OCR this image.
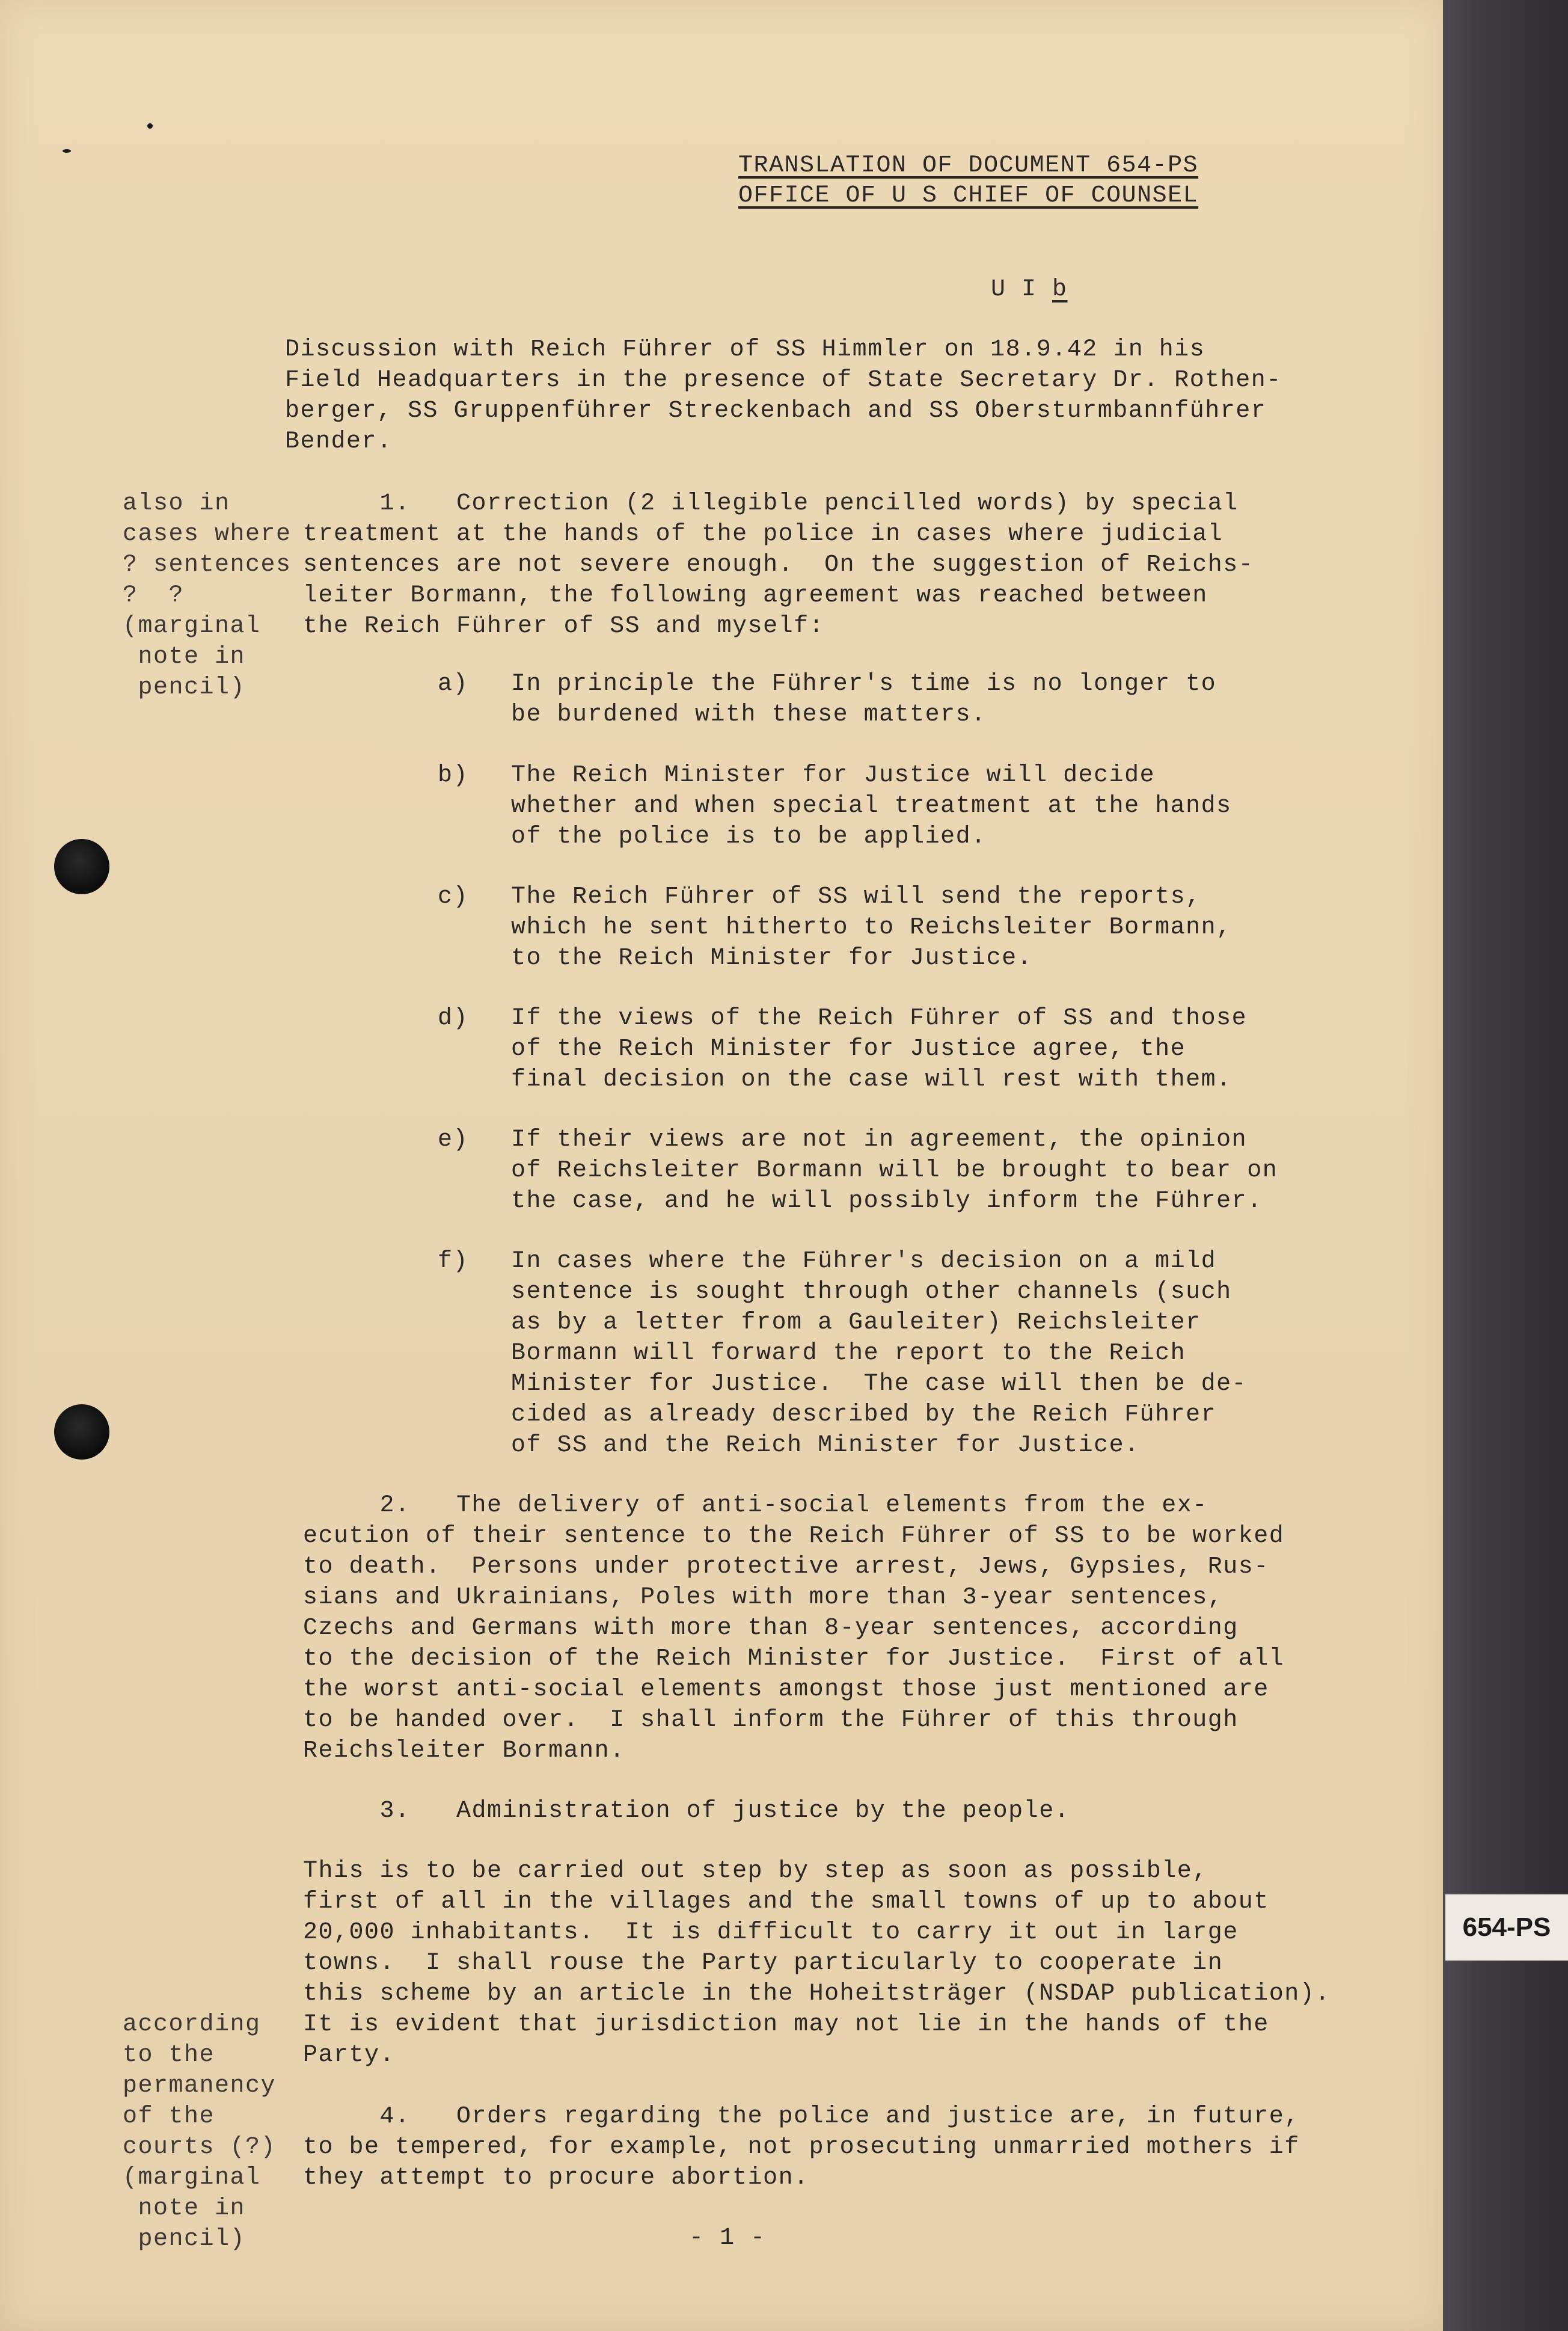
654-PS
TRANSLATION OF DOCUMENT 654-PS
OFFICE OF U S CHIEF OF COUNSEL
U I b
Discussion with Reich Führer of SS Himmler on 18.9.42 in his
Field Headquarters in the presence of State Secretary Dr. Rothen-
berger, SS Gruppenführer Streckenbach and SS Obersturmbannführer
Bender.
also in
cases where
? sentences
?  ?
(marginal
note in
pencil)
1.   Correction (2 illegible pencilled words) by special
treatment at the hands of the police in cases where judicial
sentences are not severe enough.  On the suggestion of Reichs-
leiter Bormann, the following agreement was reached between
the Reich Führer of SS and myself:
a) In principle the Führer's time is no longer to
be burdened with these matters.
b) The Reich Minister for Justice will decide
whether and when special treatment at the hands
of the police is to be applied.
c) The Reich Führer of SS will send the reports,
which he sent hitherto to Reichsleiter Bormann,
to the Reich Minister for Justice.
d) If the views of the Reich Führer of SS and those
of the Reich Minister for Justice agree, the
final decision on the case will rest with them.
e) If their views are not in agreement, the opinion
of Reichsleiter Bormann will be brought to bear on
the case, and he will possibly inform the Führer.
f) In cases where the Führer's decision on a mild
sentence is sought through other channels (such
as by a letter from a Gauleiter) Reichsleiter
Bormann will forward the report to the Reich
Minister for Justice.  The case will then be de-
cided as already described by the Reich Führer
of SS and the Reich Minister for Justice.
2.   The delivery of anti-social elements from the ex-
ecution of their sentence to the Reich Führer of SS to be worked
to death.  Persons under protective arrest, Jews, Gypsies, Rus-
sians and Ukrainians, Poles with more than 3-year sentences,
Czechs and Germans with more than 8-year sentences, according
to the decision of the Reich Minister for Justice.  First of all
the worst anti-social elements amongst those just mentioned are
to be handed over.  I shall inform the Führer of this through
Reichsleiter Bormann.
3.   Administration of justice by the people.
This is to be carried out step by step as soon as possible,
first of all in the villages and the small towns of up to about
20,000 inhabitants.  It is difficult to carry it out in large
towns.  I shall rouse the Party particularly to cooperate in
this scheme by an article in the Hoheitsträger (NSDAP publication).
It is evident that jurisdiction may not lie in the hands of the
Party.
according
to the
permanency
of the
courts (?)
(marginal
note in
pencil)
4.   Orders regarding the police and justice are, in future,
to be tempered, for example, not prosecuting unmarried mothers if
they attempt to procure abortion.
- 1 -
